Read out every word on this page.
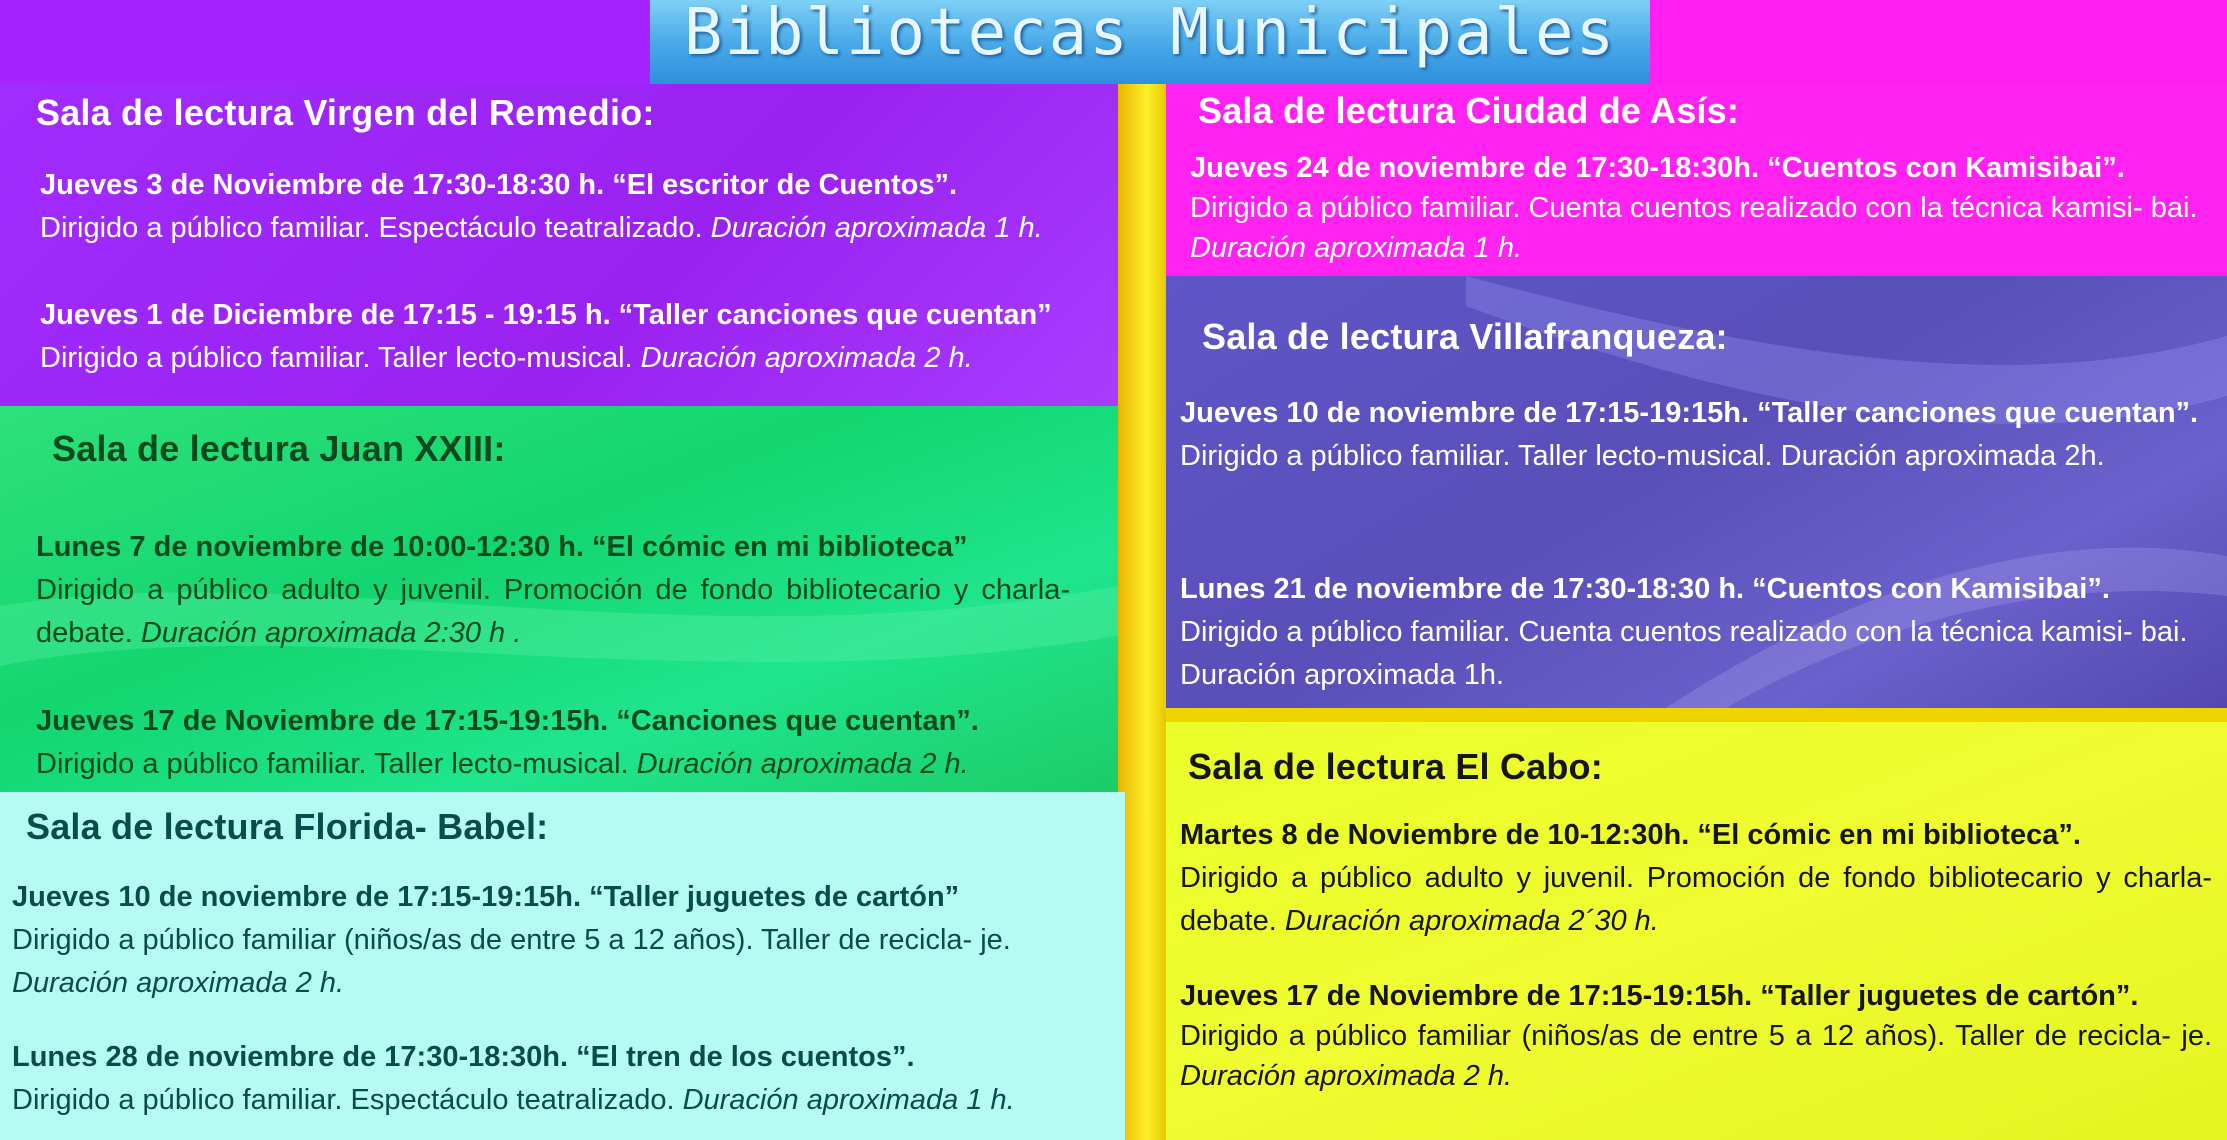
Bibliotecas Municipales
Sala de lectura Virgen del Remedio:
Jueves 3 de Noviembre de 17:30-18:30 h. “El escritor de Cuentos”.
Dirigido a público familiar. Espectáculo teatralizado. Duración aproximada 1 h.
Jueves 1 de Diciembre de 17:15 - 19:15 h. “Taller canciones que cuentan”
Dirigido a público familiar. Taller lecto-musical. Duración aproximada 2 h.
Sala de lectura Juan XXIII:
Lunes 7 de noviembre de 10:00-12:30 h. “El cómic en mi biblioteca”
Dirigido a público adulto y juvenil. Promoción de fondo bibliotecario y charla-debate. Duración aproximada 2:30 h .
Jueves 17 de Noviembre de 17:15-19:15h. “Canciones que cuentan”.
Dirigido a público familiar. Taller lecto-musical. Duración aproximada 2 h.
Sala de lectura Florida- Babel:
Jueves 10 de noviembre de 17:15-19:15h. “Taller juguetes de cartón”
Dirigido a público familiar (niños/as de entre 5 a 12 años). Taller de recicla- je. Duración aproximada 2 h.
Lunes 28 de noviembre de 17:30-18:30h. “El tren de los cuentos”.
Dirigido a público familiar. Espectáculo teatralizado. Duración aproximada 1 h.
Sala de lectura Ciudad de Asís:
Jueves 24 de noviembre de 17:30-18:30h. “Cuentos con Kamisibai”.
Dirigido a público familiar. Cuenta cuentos realizado con la técnica kamisi- bai. Duración aproximada 1 h.
Sala de lectura Villafranqueza:
Jueves 10 de noviembre de 17:15-19:15h. “Taller canciones que cuentan”.
Dirigido a público familiar. Taller lecto-musical. Duración aproximada 2h.
Lunes 21 de noviembre de 17:30-18:30 h. “Cuentos con Kamisibai”.
Dirigido a público familiar. Cuenta cuentos realizado con la técnica kamisi- bai. Duración aproximada 1h.
Sala de lectura El Cabo:
Martes 8 de Noviembre de 10-12:30h. “El cómic en mi biblioteca”.
Dirigido a público adulto y juvenil. Promoción de fondo bibliotecario y charla-debate. Duración aproximada 2´30 h.
Jueves 17 de Noviembre de 17:15-19:15h. “Taller juguetes de cartón”.
Dirigido a público familiar (niños/as de entre 5 a 12 años). Taller de recicla- je. Duración aproximada 2 h.
